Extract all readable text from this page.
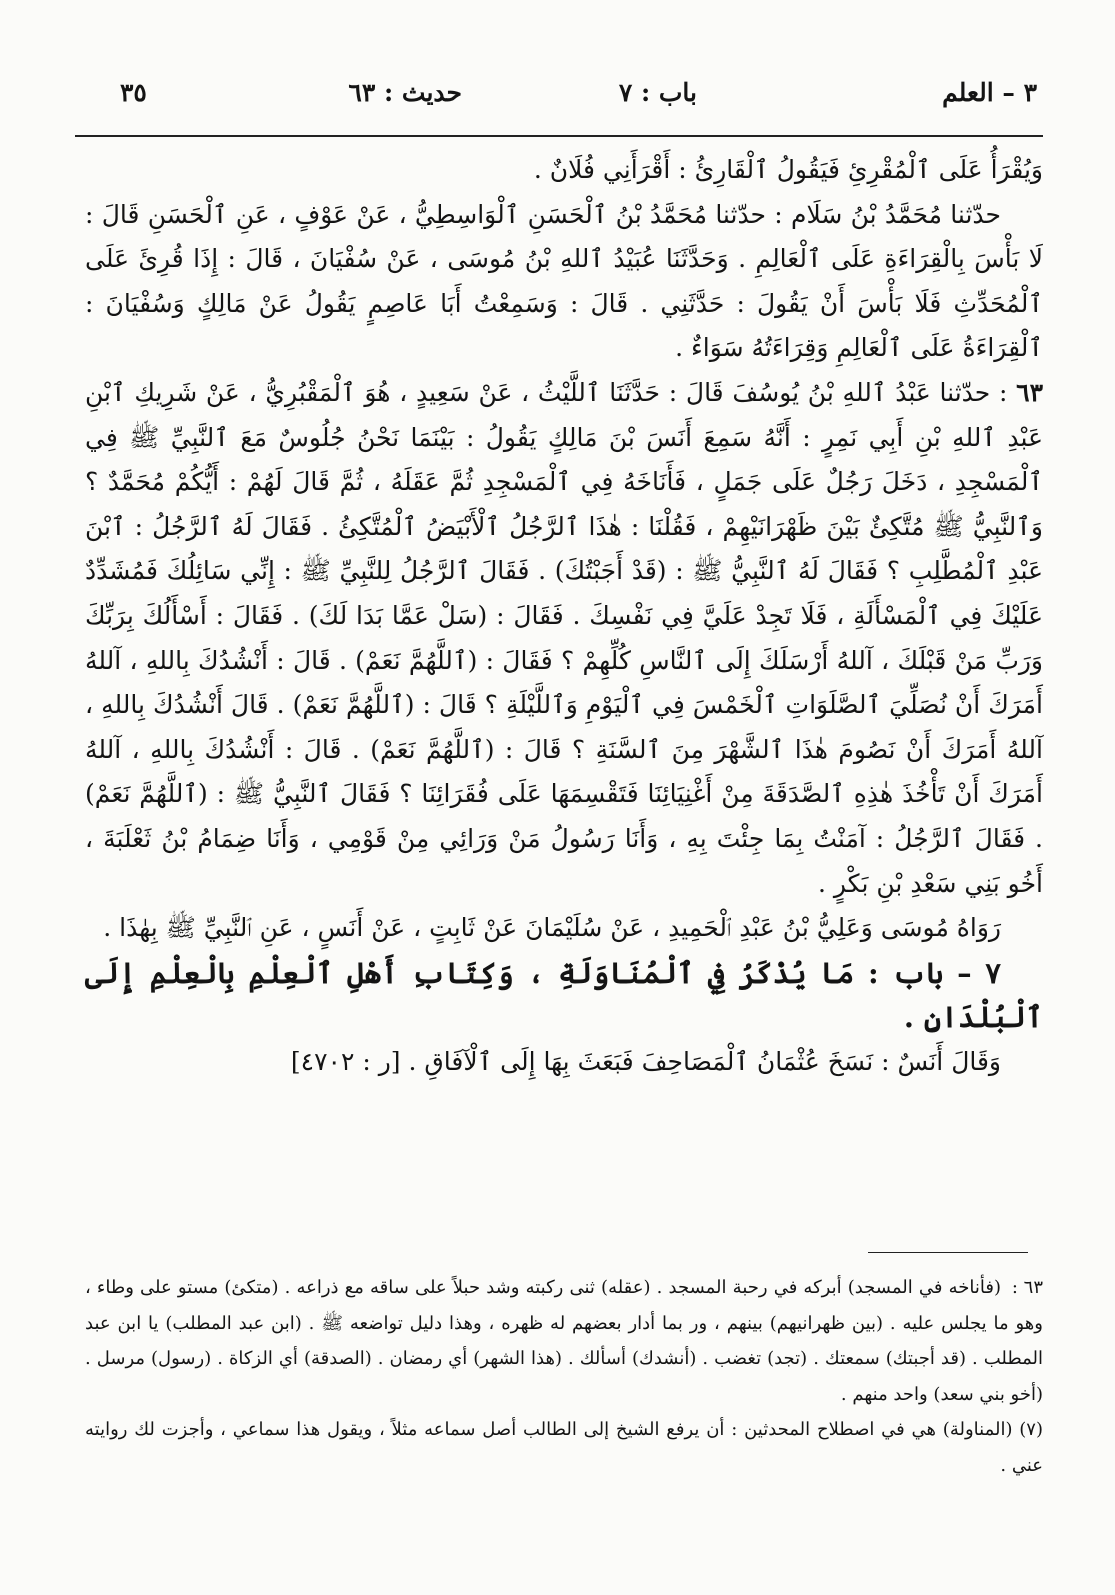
٣ – العلم
باب : ٧
حديث : ٦٣
٣٥

وَيُقْرَأُ عَلَى ٱلْمُقْرِئِ فَيَقُولُ ٱلْقَارِئُ : أَقْرَأَنِي فُلَانٌ .

حدّثنا مُحَمَّدُ بْنُ سَلَام : حدّثنا مُحَمَّدُ بْنُ ٱلْحَسَنِ ٱلْوَاسِطِيُّ ، عَنْ عَوْفٍ ، عَنِ ٱلْحَسَنِ قَالَ : لَا بَأْسَ بِالْقِرَاءَةِ عَلَى ٱلْعَالِمِ . وَحَدَّثَنَا عُبَيْدُ ٱللهِ بْنُ مُوسَى ، عَنْ سُفْيَانَ ، قَالَ : إِذَا قُرِئَ عَلَى ٱلْمُحَدِّثِ فَلَا بَأْسَ أَنْ يَقُولَ : حَدَّثَنِي . قَالَ : وَسَمِعْتُ أَبَا عَاصِمٍ يَقُولُ عَنْ مَالِكٍ وَسُفْيَانَ : ٱلْقِرَاءَةُ عَلَى ٱلْعَالِمِ وَقِرَاءَتُهُ سَوَاءٌ .

٦٣ : حدّثنا عَبْدُ ٱللهِ بْنُ يُوسُفَ قَالَ : حَدَّثَنَا ٱللَّيْثُ ، عَنْ سَعِيدٍ ، هُوَ ٱلْمَقْبُرِيُّ ، عَنْ شَرِيكِ ٱبْنِ عَبْدِ ٱللهِ بْنِ أَبِي نَمِرٍ : أَنَّهُ سَمِعَ أَنَسَ بْنَ مَالِكٍ يَقُولُ : بَيْنَمَا نَحْنُ جُلُوسٌ مَعَ ٱلنَّبِيِّ ﷺ فِي ٱلْمَسْجِدِ ، دَخَلَ رَجُلٌ عَلَى جَمَلٍ ، فَأَنَاخَهُ فِي ٱلْمَسْجِدِ ثُمَّ عَقَلَهُ ، ثُمَّ قَالَ لَهُمْ : أَيُّكُمْ مُحَمَّدٌ ؟ وَٱلنَّبِيُّ ﷺ مُتَّكِئٌ بَيْنَ ظَهْرَانَيْهِمْ ، فَقُلْنَا : هٰذَا ٱلرَّجُلُ ٱلْأَبْيَضُ ٱلْمُتَّكِئُ . فَقَالَ لَهُ ٱلرَّجُلُ : ٱبْنَ عَبْدِ ٱلْمُطَّلِبِ ؟ فَقَالَ لَهُ ٱلنَّبِيُّ ﷺ : (قَدْ أَجَبْتُكَ) . فَقَالَ ٱلرَّجُلُ لِلنَّبِيِّ ﷺ : إِنِّي سَائِلُكَ فَمُشَدِّدٌ عَلَيْكَ فِي ٱلْمَسْأَلَةِ ، فَلَا تَجِدْ عَلَيَّ فِي نَفْسِكَ . فَقَالَ : (سَلْ عَمَّا بَدَا لَكَ) . فَقَالَ : أَسْأَلُكَ بِرَبِّكَ وَرَبِّ مَنْ قَبْلَكَ ، آللهُ أَرْسَلَكَ إِلَى ٱلنَّاسِ كُلِّهِمْ ؟ فَقَالَ : (ٱللَّهُمَّ نَعَمْ) . قَالَ : أَنْشُدُكَ بِاللهِ ، آللهُ أَمَرَكَ أَنْ نُصَلِّيَ ٱلصَّلَوَاتِ ٱلْخَمْسَ فِي ٱلْيَوْمِ وَٱللَّيْلَةِ ؟ قَالَ : (ٱللَّهُمَّ نَعَمْ) . قَالَ أَنْشُدُكَ بِاللهِ ، آللهُ أَمَرَكَ أَنْ نَصُومَ هٰذَا ٱلشَّهْرَ مِنَ ٱلسَّنَةِ ؟ قَالَ : (ٱللَّهُمَّ نَعَمْ) . قَالَ : أَنْشُدُكَ بِاللهِ ، آللهُ أَمَرَكَ أَنْ تَأْخُذَ هٰذِهِ ٱلصَّدَقَةَ مِنْ أَغْنِيَائِنَا فَتَقْسِمَهَا عَلَى فُقَرَائِنَا ؟ فَقَالَ ٱلنَّبِيُّ ﷺ : (ٱللَّهُمَّ نَعَمْ) . فَقَالَ ٱلرَّجُلُ : آمَنْتُ بِمَا جِئْتَ بِهِ ، وَأَنَا رَسُولُ مَنْ وَرَائِي مِنْ قَوْمِي ، وَأَنَا ضِمَامُ بْنُ ثَعْلَبَةَ ، أَخُو بَنِي سَعْدِ بْنِ بَكْرٍ .

رَوَاهُ مُوسَى وَعَلِيُّ بْنُ عَبْدِ ٱلْحَمِيدِ ، عَنْ سُلَيْمَانَ عَنْ ثَابِتٍ ، عَنْ أَنَسٍ ، عَنِ ٱلنَّبِيِّ ﷺ بِهٰذَا .

٧ – باب : مَا يُذْكَرُ فِي ٱلْمُنَاوَلَةِ ، وَكِتَابِ أَهْلِ ٱلْعِلْمِ بِالْعِلْمِ إِلَى ٱلْبُلْدَانِ .

وَقَالَ أَنَسٌ : نَسَخَ عُثْمَانُ ٱلْمَصَاحِفَ فَبَعَثَ بِهَا إِلَى ٱلْآفَاقِ . [ر : ٤٧٠٢]

٦٣ :(فأناخه في المسجد) أبركه في رحبة المسجد . (عقله) ثنى ركبته وشد حبلاً على ساقه مع ذراعه . (متكئ) مستو على وطاء ، وهو ما يجلس عليه . (بين ظهرانيهم) بينهم ، ور بما أدار بعضهم له ظهره ، وهذا دليل تواضعه ﷺ . (ابن عبد المطلب) يا ابن عبد المطلب . (قد أجبتك) سمعتك . (تجد) تغضب . (أنشدك) أسألك . (هذا الشهر) أي رمضان . (الصدقة) أي الزكاة . (رسول) مرسل . (أخو بني سعد) واحد منهم .

(٧) (المناولة) هي في اصطلاح المحدثين : أن يرفع الشيخ إلى الطالب أصل سماعه مثلاً ، ويقول هذا سماعي ، وأجزت لك روايته عني .
